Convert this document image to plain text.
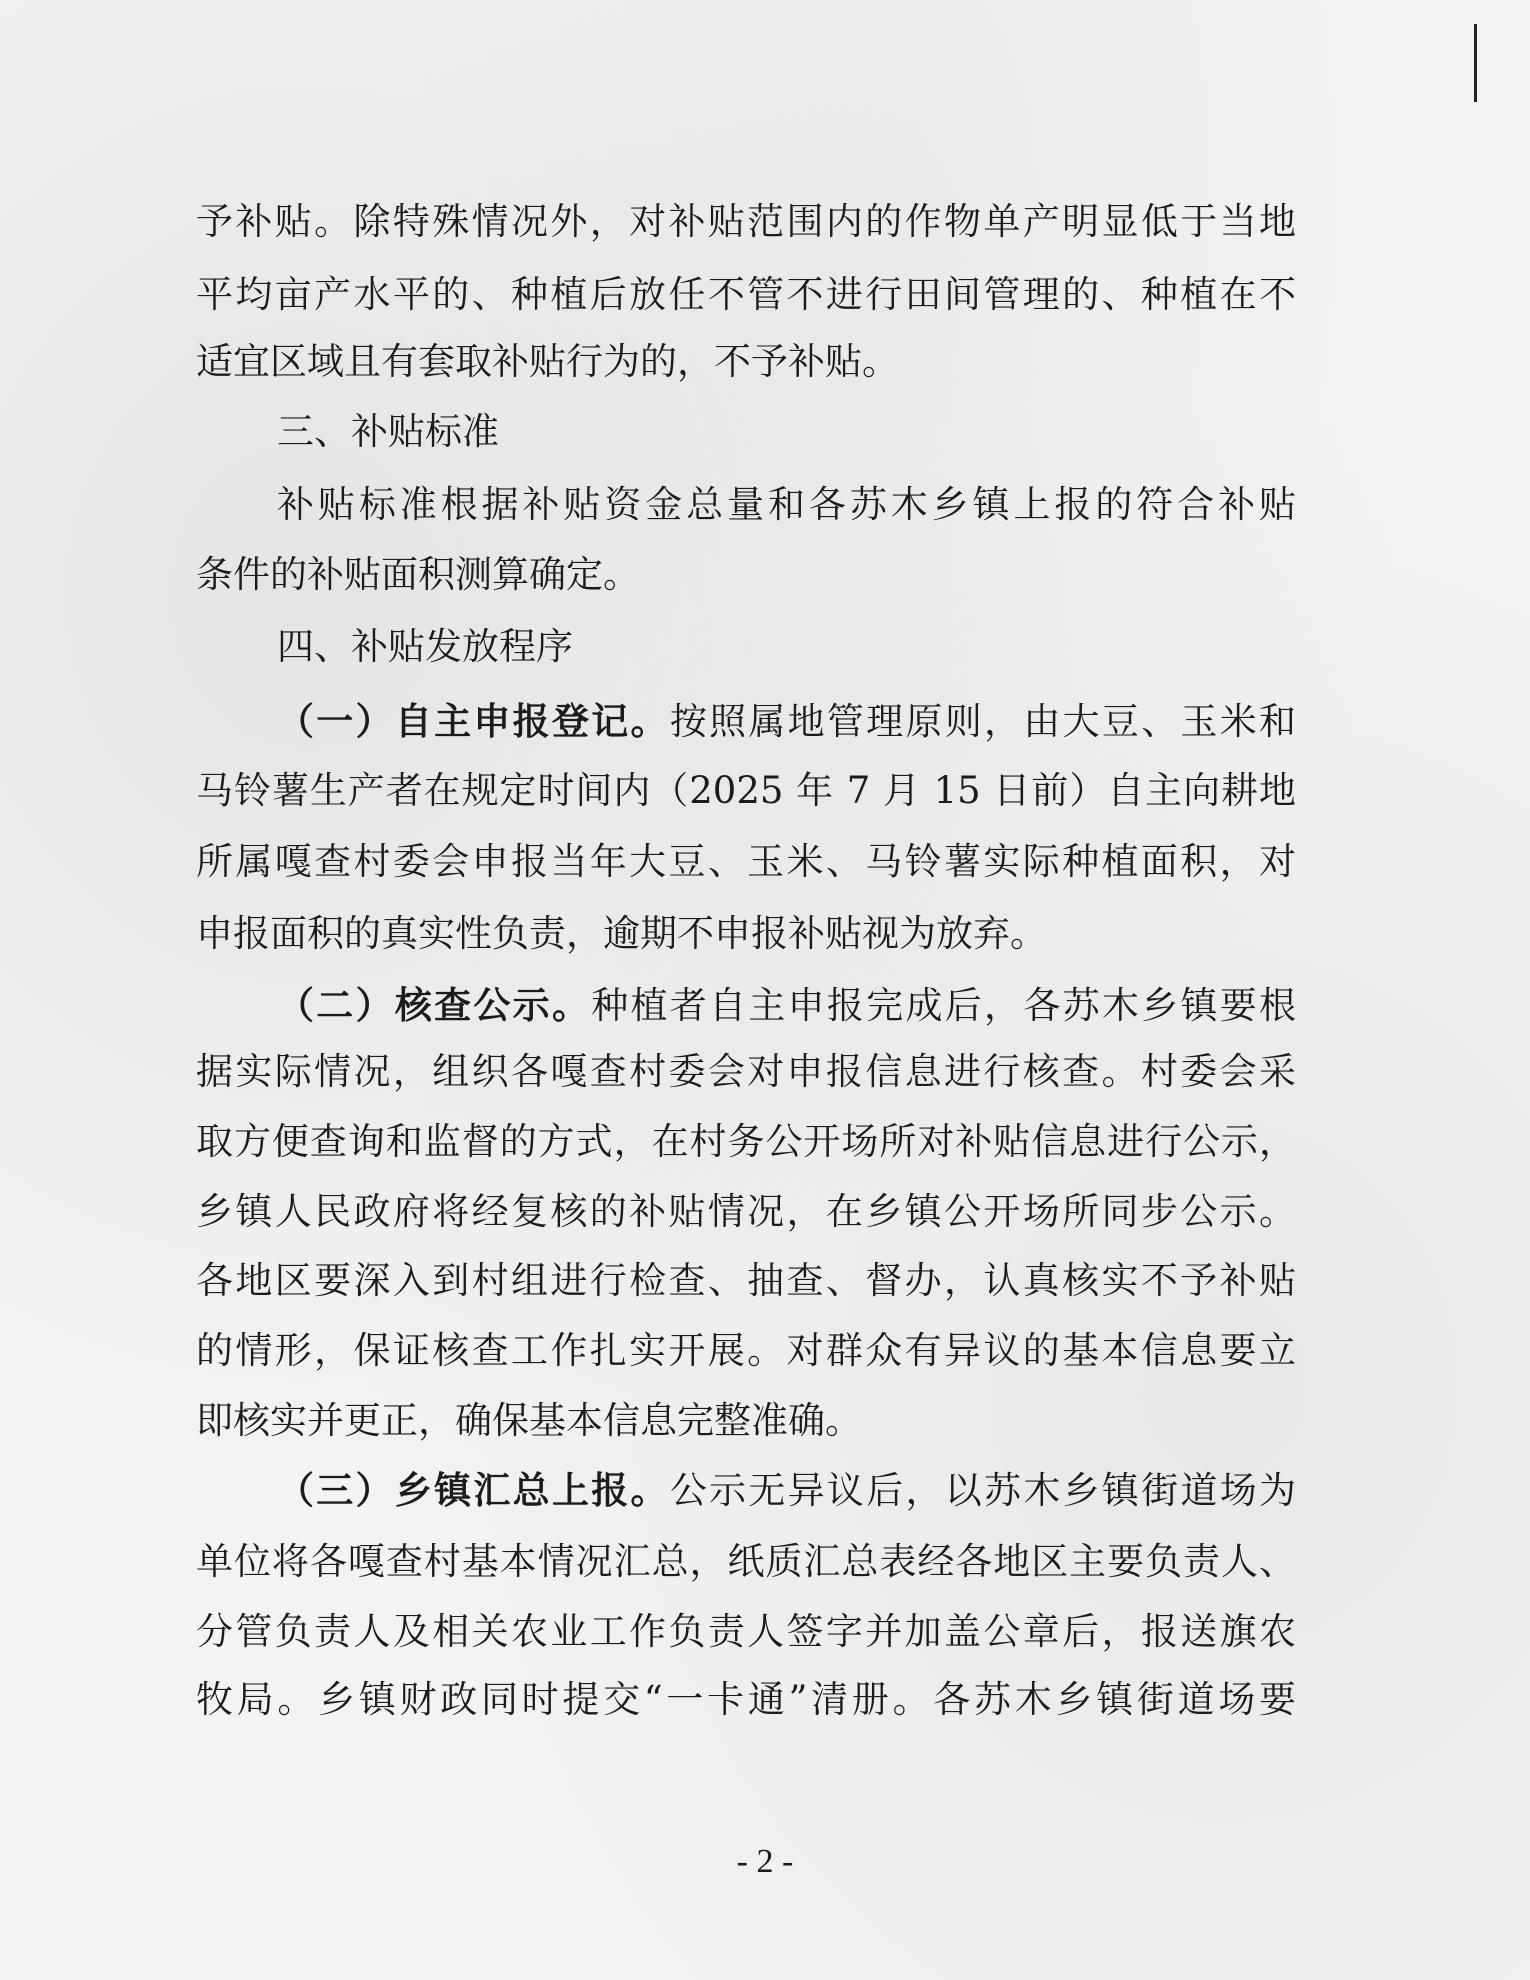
予补贴。除特殊情况外，对补贴范围内的作物单产明显低于当地
平均亩产水平的、种植后放任不管不进行田间管理的、种植在不
适宜区域且有套取补贴行为的，不予补贴。
三、补贴标准
补贴标准根据补贴资金总量和各苏木乡镇上报的符合补贴
条件的补贴面积测算确定。
四、补贴发放程序
（一）自主申报登记。按照属地管理原则，由大豆、玉米和
马铃薯生产者在规定时间内（2025 年 7 月 15 日前）自主向耕地
所属嘎查村委会申报当年大豆、玉米、马铃薯实际种植面积，对
申报面积的真实性负责，逾期不申报补贴视为放弃。
（二）核查公示。种植者自主申报完成后，各苏木乡镇要根
据实际情况，组织各嘎查村委会对申报信息进行核查。村委会采
取方便查询和监督的方式，在村务公开场所对补贴信息进行公示，
乡镇人民政府将经复核的补贴情况，在乡镇公开场所同步公示。
各地区要深入到村组进行检查、抽查、督办，认真核实不予补贴
的情形，保证核查工作扎实开展。对群众有异议的基本信息要立
即核实并更正，确保基本信息完整准确。
（三）乡镇汇总上报。公示无异议后，以苏木乡镇街道场为
单位将各嘎查村基本情况汇总，纸质汇总表经各地区主要负责人、
分管负责人及相关农业工作负责人签字并加盖公章后，报送旗农
牧局。乡镇财政同时提交“一卡通”清册。各苏木乡镇街道场要
- 2 -
